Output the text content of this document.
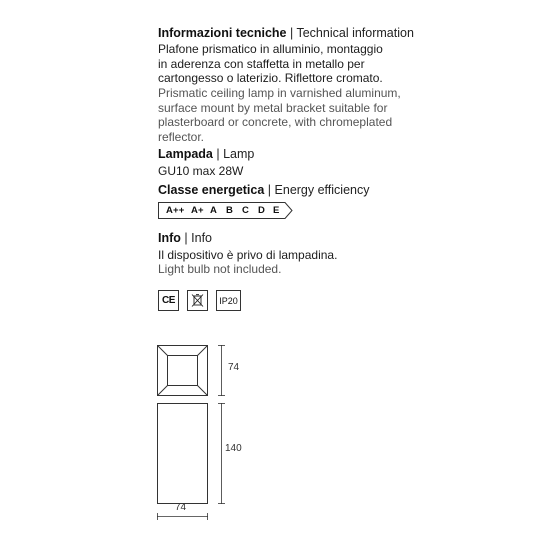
Informazioni tecniche | Technical information
Plafone prismatico in alluminio, montaggio
in aderenza con staffetta in metallo per
cartongesso o laterizio. Riflettore cromato.
Prismatic ceiling lamp in varnished aluminum,
surface mount by metal bracket suitable for
plasterboard or concrete, with chromeplated
reflector.
Lampada | Lamp
GU10 max 28W
Classe energetica | Energy efficiency
A++ A+ A B C D E
Info | Info
Il dispositivo è privo di lampadina.
Light bulb not included.
CE	IP20
74
140
74
